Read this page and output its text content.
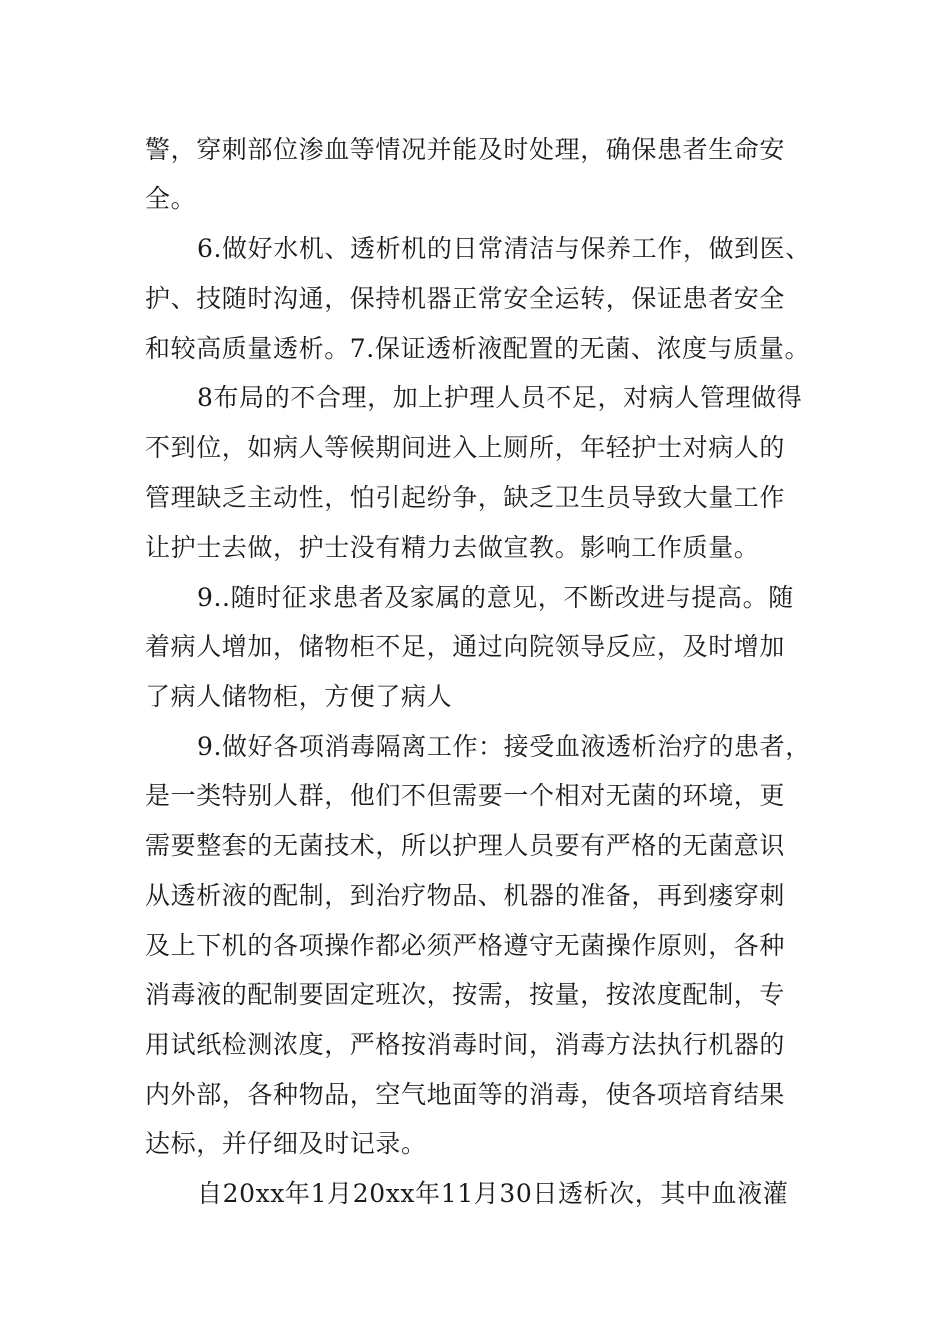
警，穿刺部位渗血等情况并能及时处理，确保患者生命安
全。
6.做好水机、透析机的日常清洁与保养工作，做到医、
护、技随时沟通，保持机器正常安全运转，保证患者安全
和较高质量透析。7.保证透析液配置的无菌、浓度与质量。
8布局的不合理，加上护理人员不足，对病人管理做得
不到位，如病人等候期间进入上厕所，年轻护士对病人的
管理缺乏主动性，怕引起纷争，缺乏卫生员导致大量工作
让护士去做，护士没有精力去做宣教。影响工作质量。
9..随时征求患者及家属的意见，不断改进与提高。随
着病人增加，储物柜不足，通过向院领导反应，及时增加
了病人储物柜，方便了病人
9.做好各项消毒隔离工作：接受血液透析治疗的患者，
是一类特别人群，他们不但需要一个相对无菌的环境，更
需要整套的无菌技术，所以护理人员要有严格的无菌意识
从透析液的配制，到治疗物品、机器的准备，再到瘘穿刺
及上下机的各项操作都必须严格遵守无菌操作原则，各种
消毒液的配制要固定班次，按需，按量，按浓度配制，专
用试纸检测浓度，严格按消毒时间，消毒方法执行机器的
内外部，各种物品，空气地面等的消毒，使各项培育结果
达标，并仔细及时记录。
自20xx年1月20xx年11月30日透析次，其中血液灌
